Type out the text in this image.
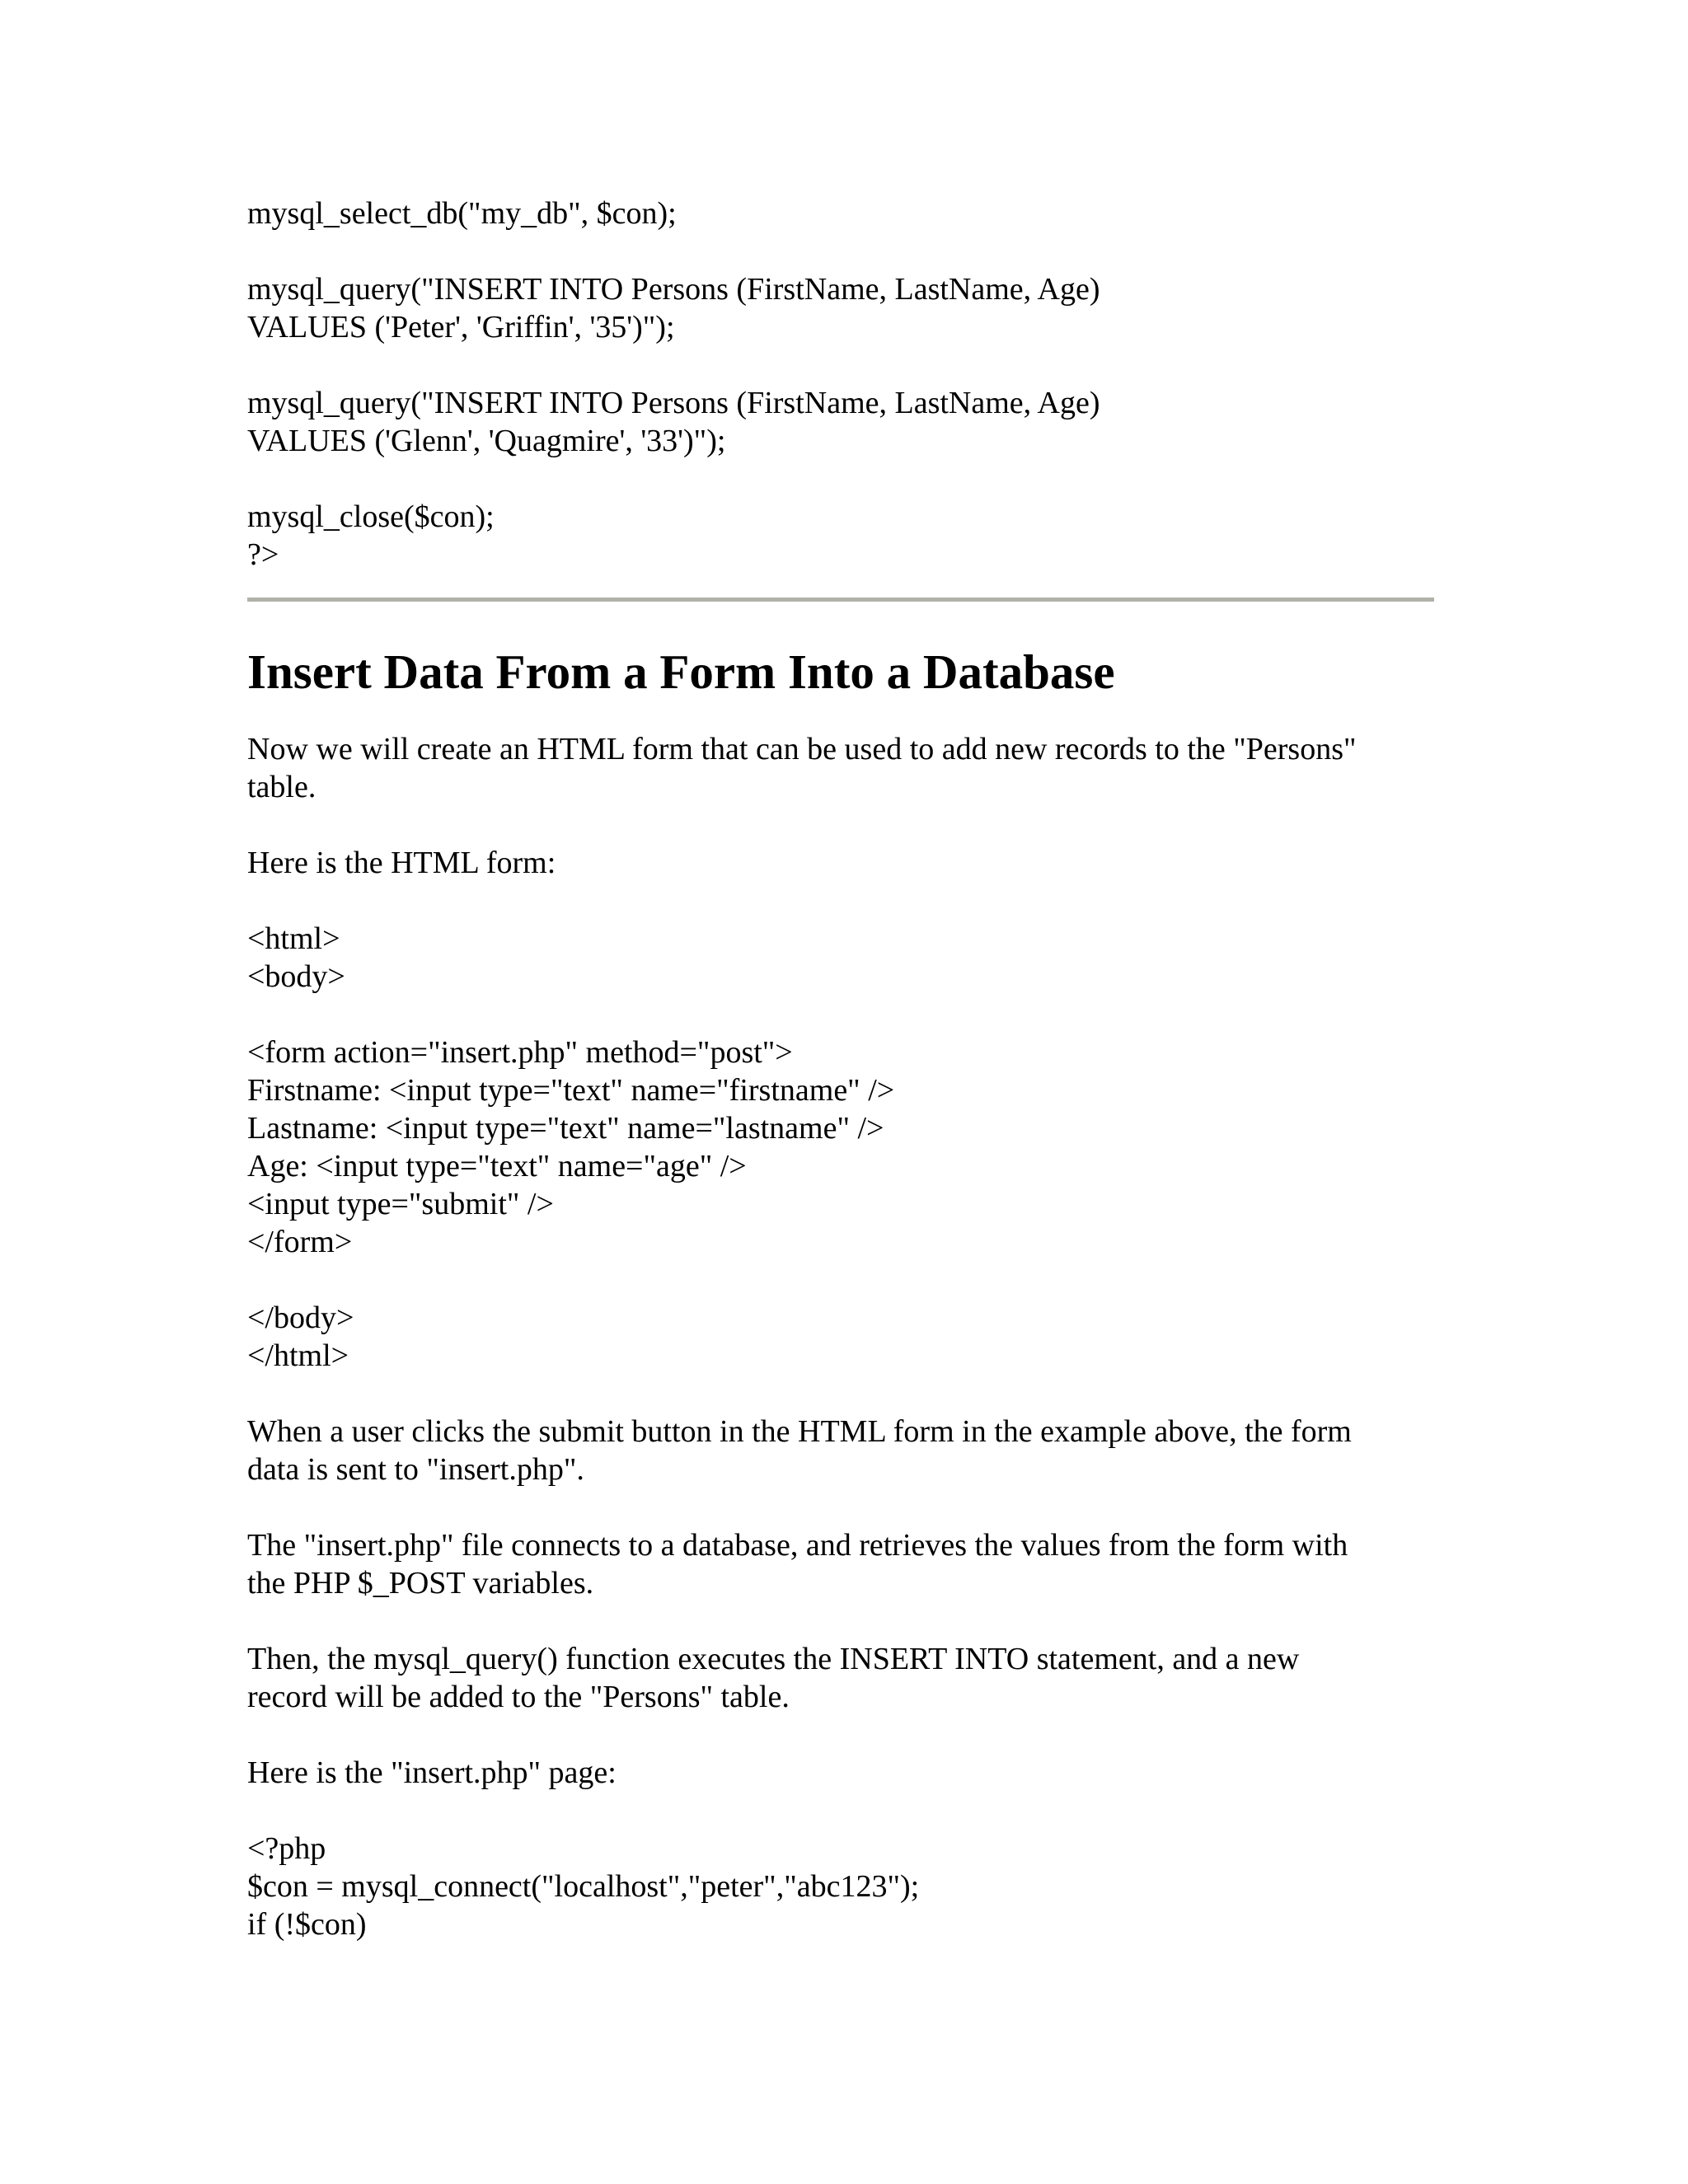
mysql_select_db("my_db", $con);
mysql_query("INSERT INTO Persons (FirstName, LastName, Age)
VALUES ('Peter', 'Griffin', '35')");
mysql_query("INSERT INTO Persons (FirstName, LastName, Age)
VALUES ('Glenn', 'Quagmire', '33')");
mysql_close($con);
?>
Insert Data From a Form Into a Database
Now we will create an HTML form that can be used to add new records to the "Persons"
table.
Here is the HTML form:
<html>
<body>
<form action="insert.php" method="post">
Firstname: <input type="text" name="firstname" />
Lastname: <input type="text" name="lastname" />
Age: <input type="text" name="age" />
<input type="submit" />
</form>
</body>
</html>
When a user clicks the submit button in the HTML form in the example above, the form
data is sent to "insert.php".
The "insert.php" file connects to a database, and retrieves the values from the form with
the PHP $_POST variables.
Then, the mysql_query() function executes the INSERT INTO statement, and a new
record will be added to the "Persons" table.
Here is the "insert.php" page:
<?php
$con = mysql_connect("localhost","peter","abc123");
if (!$con)
